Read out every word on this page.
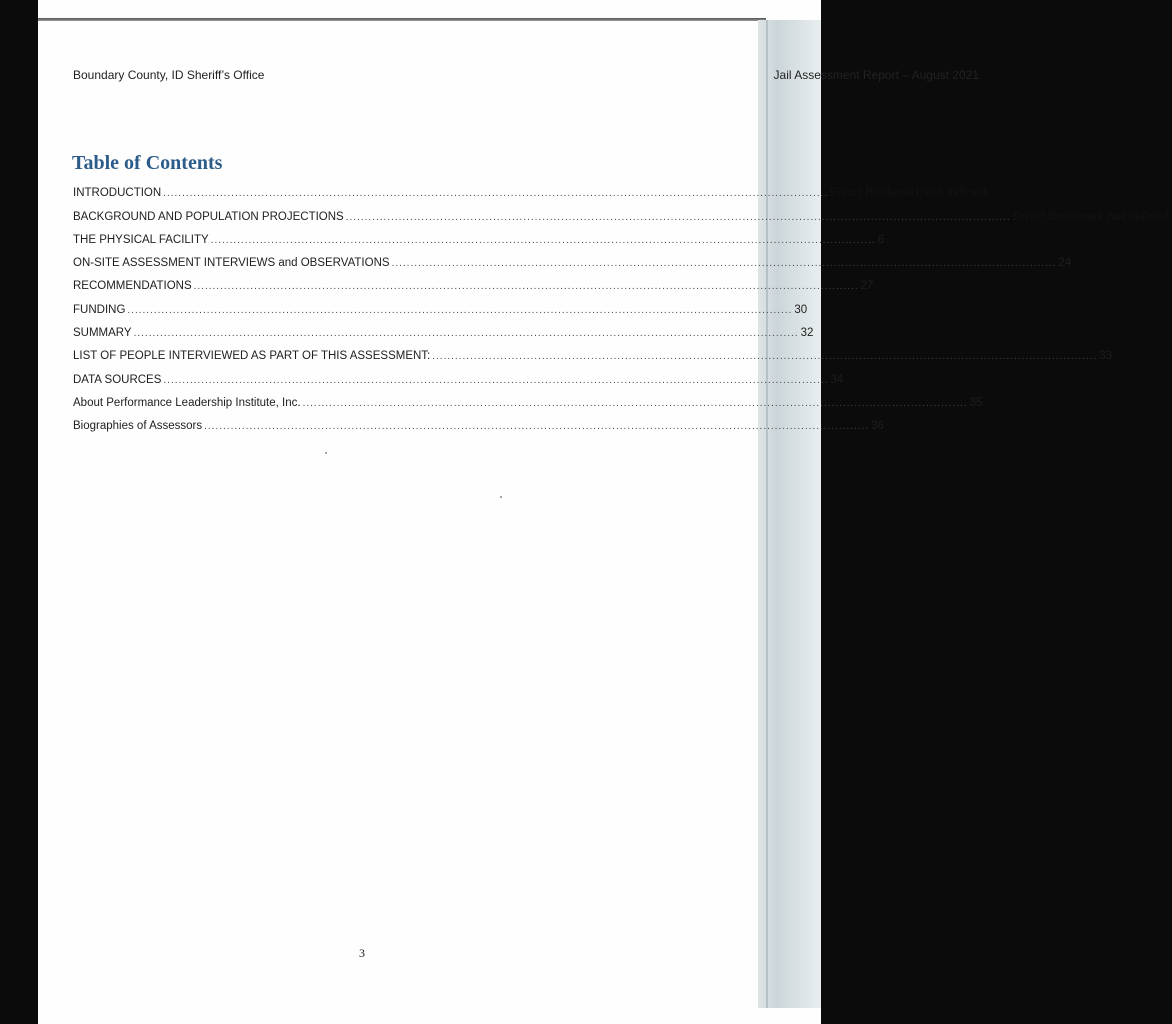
Boundary County, ID Sheriff’s Office	Jail Assessment Report – August 2021
Table of Contents
INTRODUCTION ................................................................................................................................................................................ Error! Bookmark not defined.
BACKGROUND AND POPULATION PROJECTIONS ................................................................................................................................................................................ Error! Bookmark not defined.
THE PHYSICAL FACILITY ................................................................................................................................................................................ 6
ON-SITE ASSESSMENT INTERVIEWS and OBSERVATIONS ................................................................................................................................................................................ 24
RECOMMENDATIONS ................................................................................................................................................................................ 27
FUNDING ................................................................................................................................................................................ 30
SUMMARY ................................................................................................................................................................................ 32
LIST OF PEOPLE INTERVIEWED AS PART OF THIS ASSESSMENT: ................................................................................................................................................................................ 33
DATA SOURCES ................................................................................................................................................................................ 34
About Performance Leadership Institute, Inc. ................................................................................................................................................................................ 35
Biographies of Assessors ................................................................................................................................................................................ 36
3
